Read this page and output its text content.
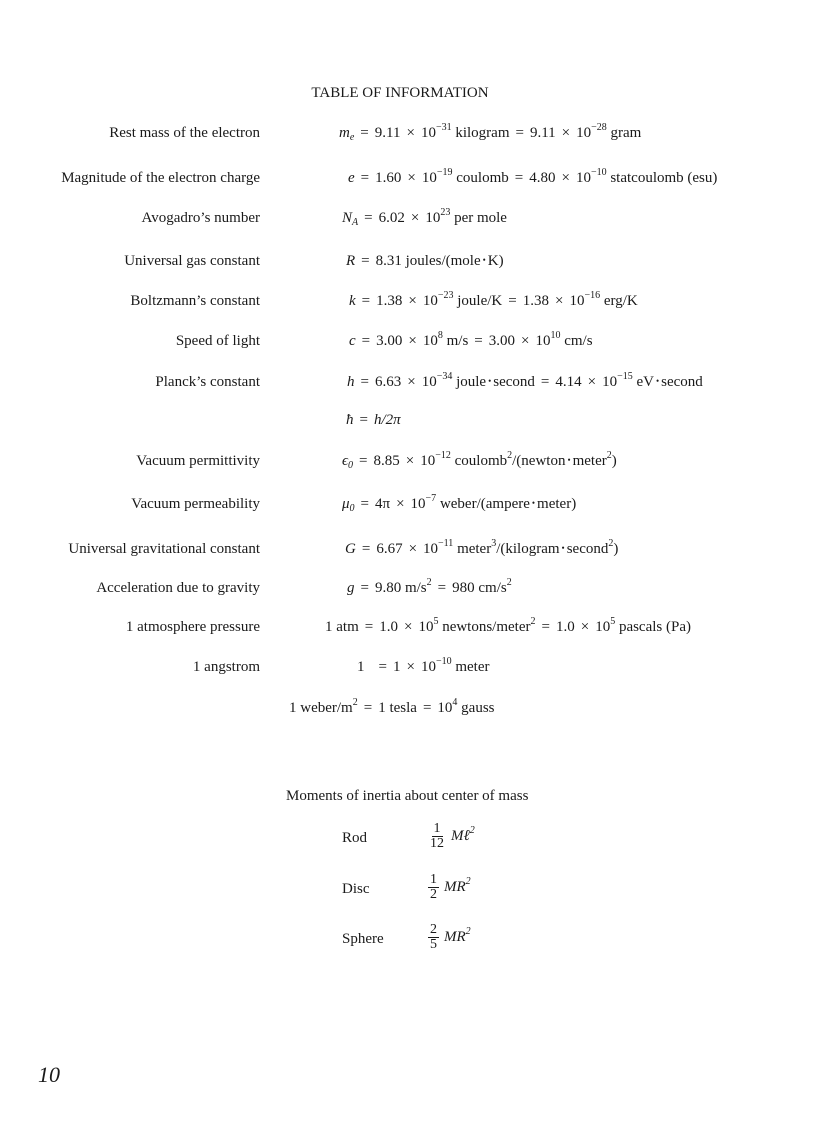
TABLE OF INFORMATION
Rest mass of the electron	$m_e = 9.11 \times 10^{-31}$ kilogram = $9.11 \times 10^{-28}$ gram
Magnitude of the electron charge	$e = 1.60 \times 10^{-19}$ coulomb = $4.80 \times 10^{-10}$ statcoulomb (esu)
Avogadro’s number	$N_A = 6.02 \times 10^{23}$ per mole
Universal gas constant	R = 8.31 joules/(mole • K)
Boltzmann’s constant	$k = 1.38 \times 10^{-23}$ joule/K = $1.38 \times 10^{-16}$ erg/K
Speed of light	$c = 3.00 \times 10^8$ $m/s = 3.00 \times 10^{10}$ cm/s
Planck’s constant	$h = 6.63 \times 10^{-34}$ joule • second = $4.14 \times 10^{-15}$ eV • second
ħ = h/2π
Vacuum permittivity	$\epsilon_0 = 8.85 \times 10^{-12}$ coulomb$^2$/(newton • meter$^2$)
Vacuum permeability	$\mu_0 = 4\pi \times 10^{-7}$ weber/(ampere • meter)
Universal gravitational constant	$G = 6.67 \times 10^{-11}$ meter$^3$/(kilogram • second$^2$)
Acceleration due to gravity	g = 9.80 $m/s^2 = 980$ $cm/s^2$
1 atmosphere pressure	1 atm = $1.0 \times 10^5$ newtons/meter$^2$ = $1.0 \times 10^5$ pascals (Pa)
1 angstrom	$1 = 1 \times 10^{-10}$ meter
1 weber/$m^2 = 1$ tesla = $10^4$ gauss
Moments of inertia about center of mass
Rod	$\frac{1}{12}$ Mℓ$^2$
Disc	$\frac{1}{2} MR^2$
Sphere	$\frac{2}{5} MR^2$
10
